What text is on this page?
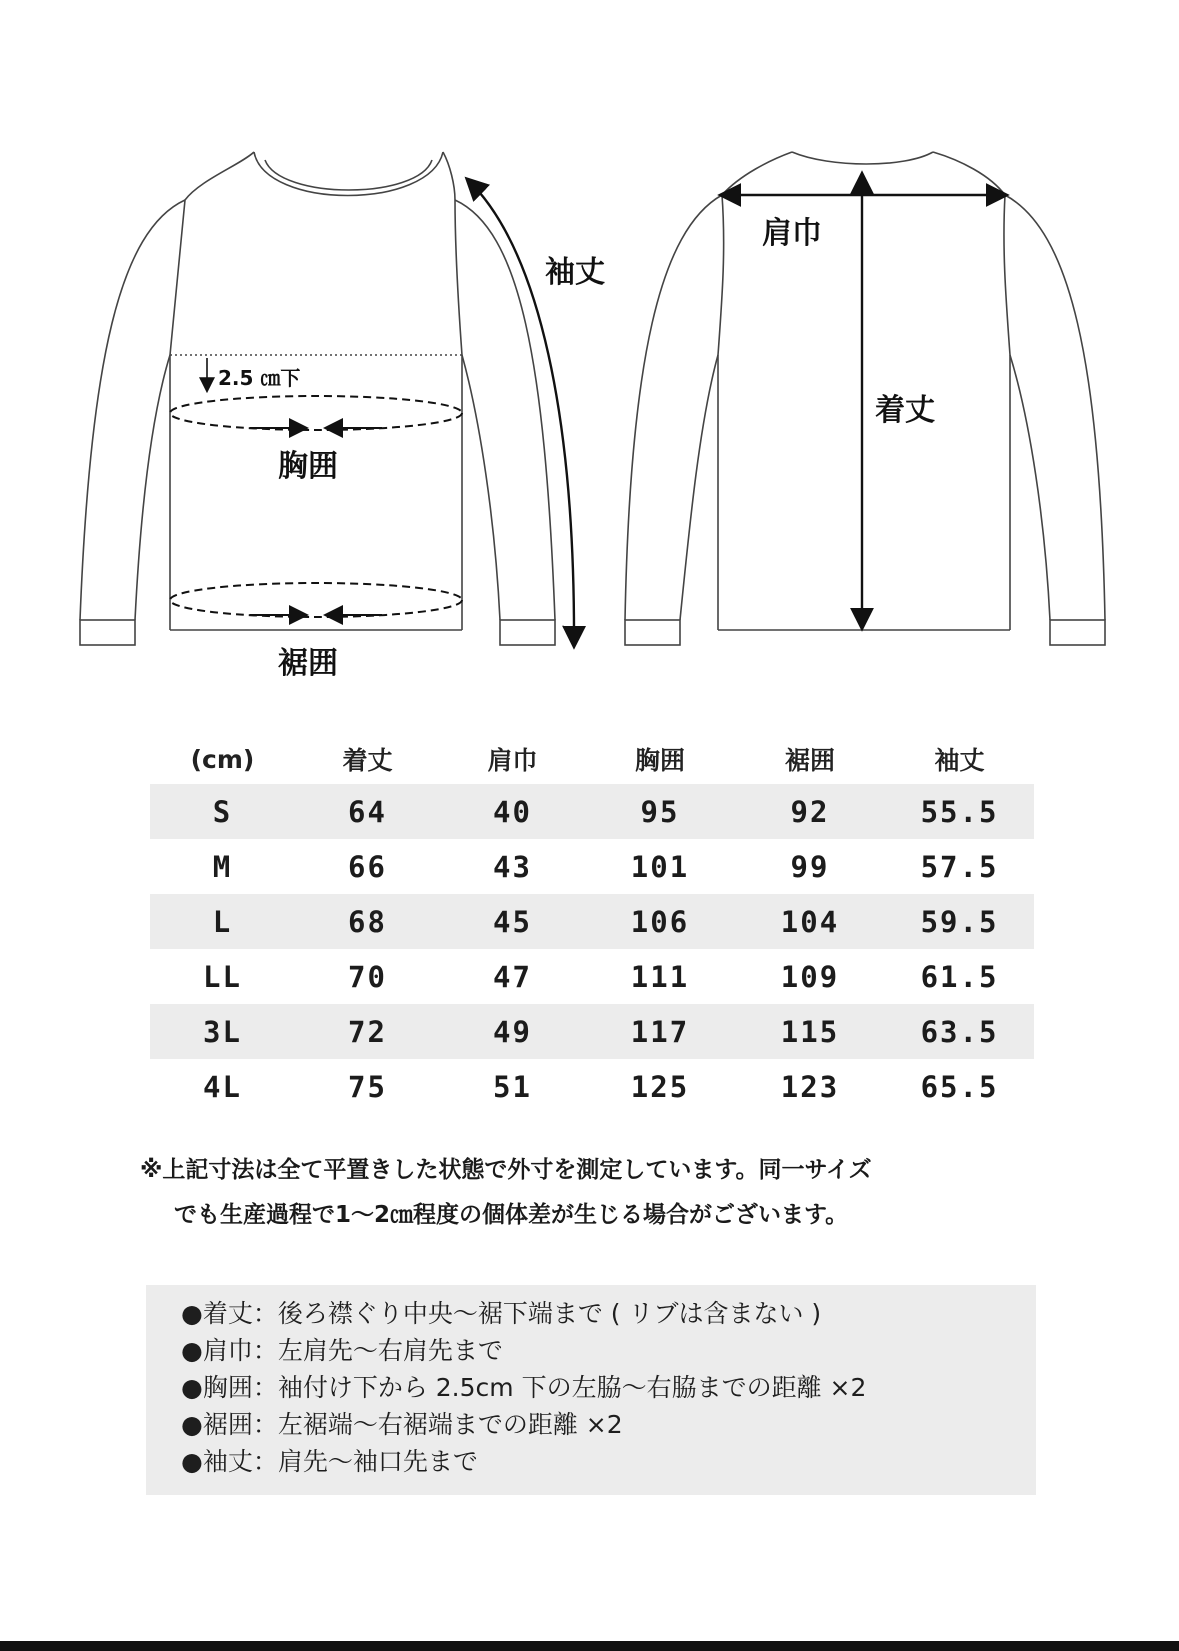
袖丈
2.5 ㎝下
胸囲
裾囲
肩巾
着丈
(cm)	着丈	肩巾	胸囲	裾囲	袖丈
S	64	40	95	92	55.5
M	66	43	101	99	57.5
L	68	45	106	104	59.5
LL	70	47	111	109	61.5
3L	72	49	117	115	63.5
4L	75	51	125	123	65.5
※上記寸法は全て平置きした状態で外寸を測定しています。同一サイズ
でも生産過程で1〜2㎝程度の個体差が生じる場合がございます。
●着丈：後ろ襟ぐり中央〜裾下端まで ( リブは含まない )
●肩巾：左肩先〜右肩先まで
●胸囲：袖付け下から 2.5cm 下の左脇〜右脇までの距離 ×2
●裾囲：左裾端〜右裾端までの距離 ×2
●袖丈：肩先〜袖口先まで
